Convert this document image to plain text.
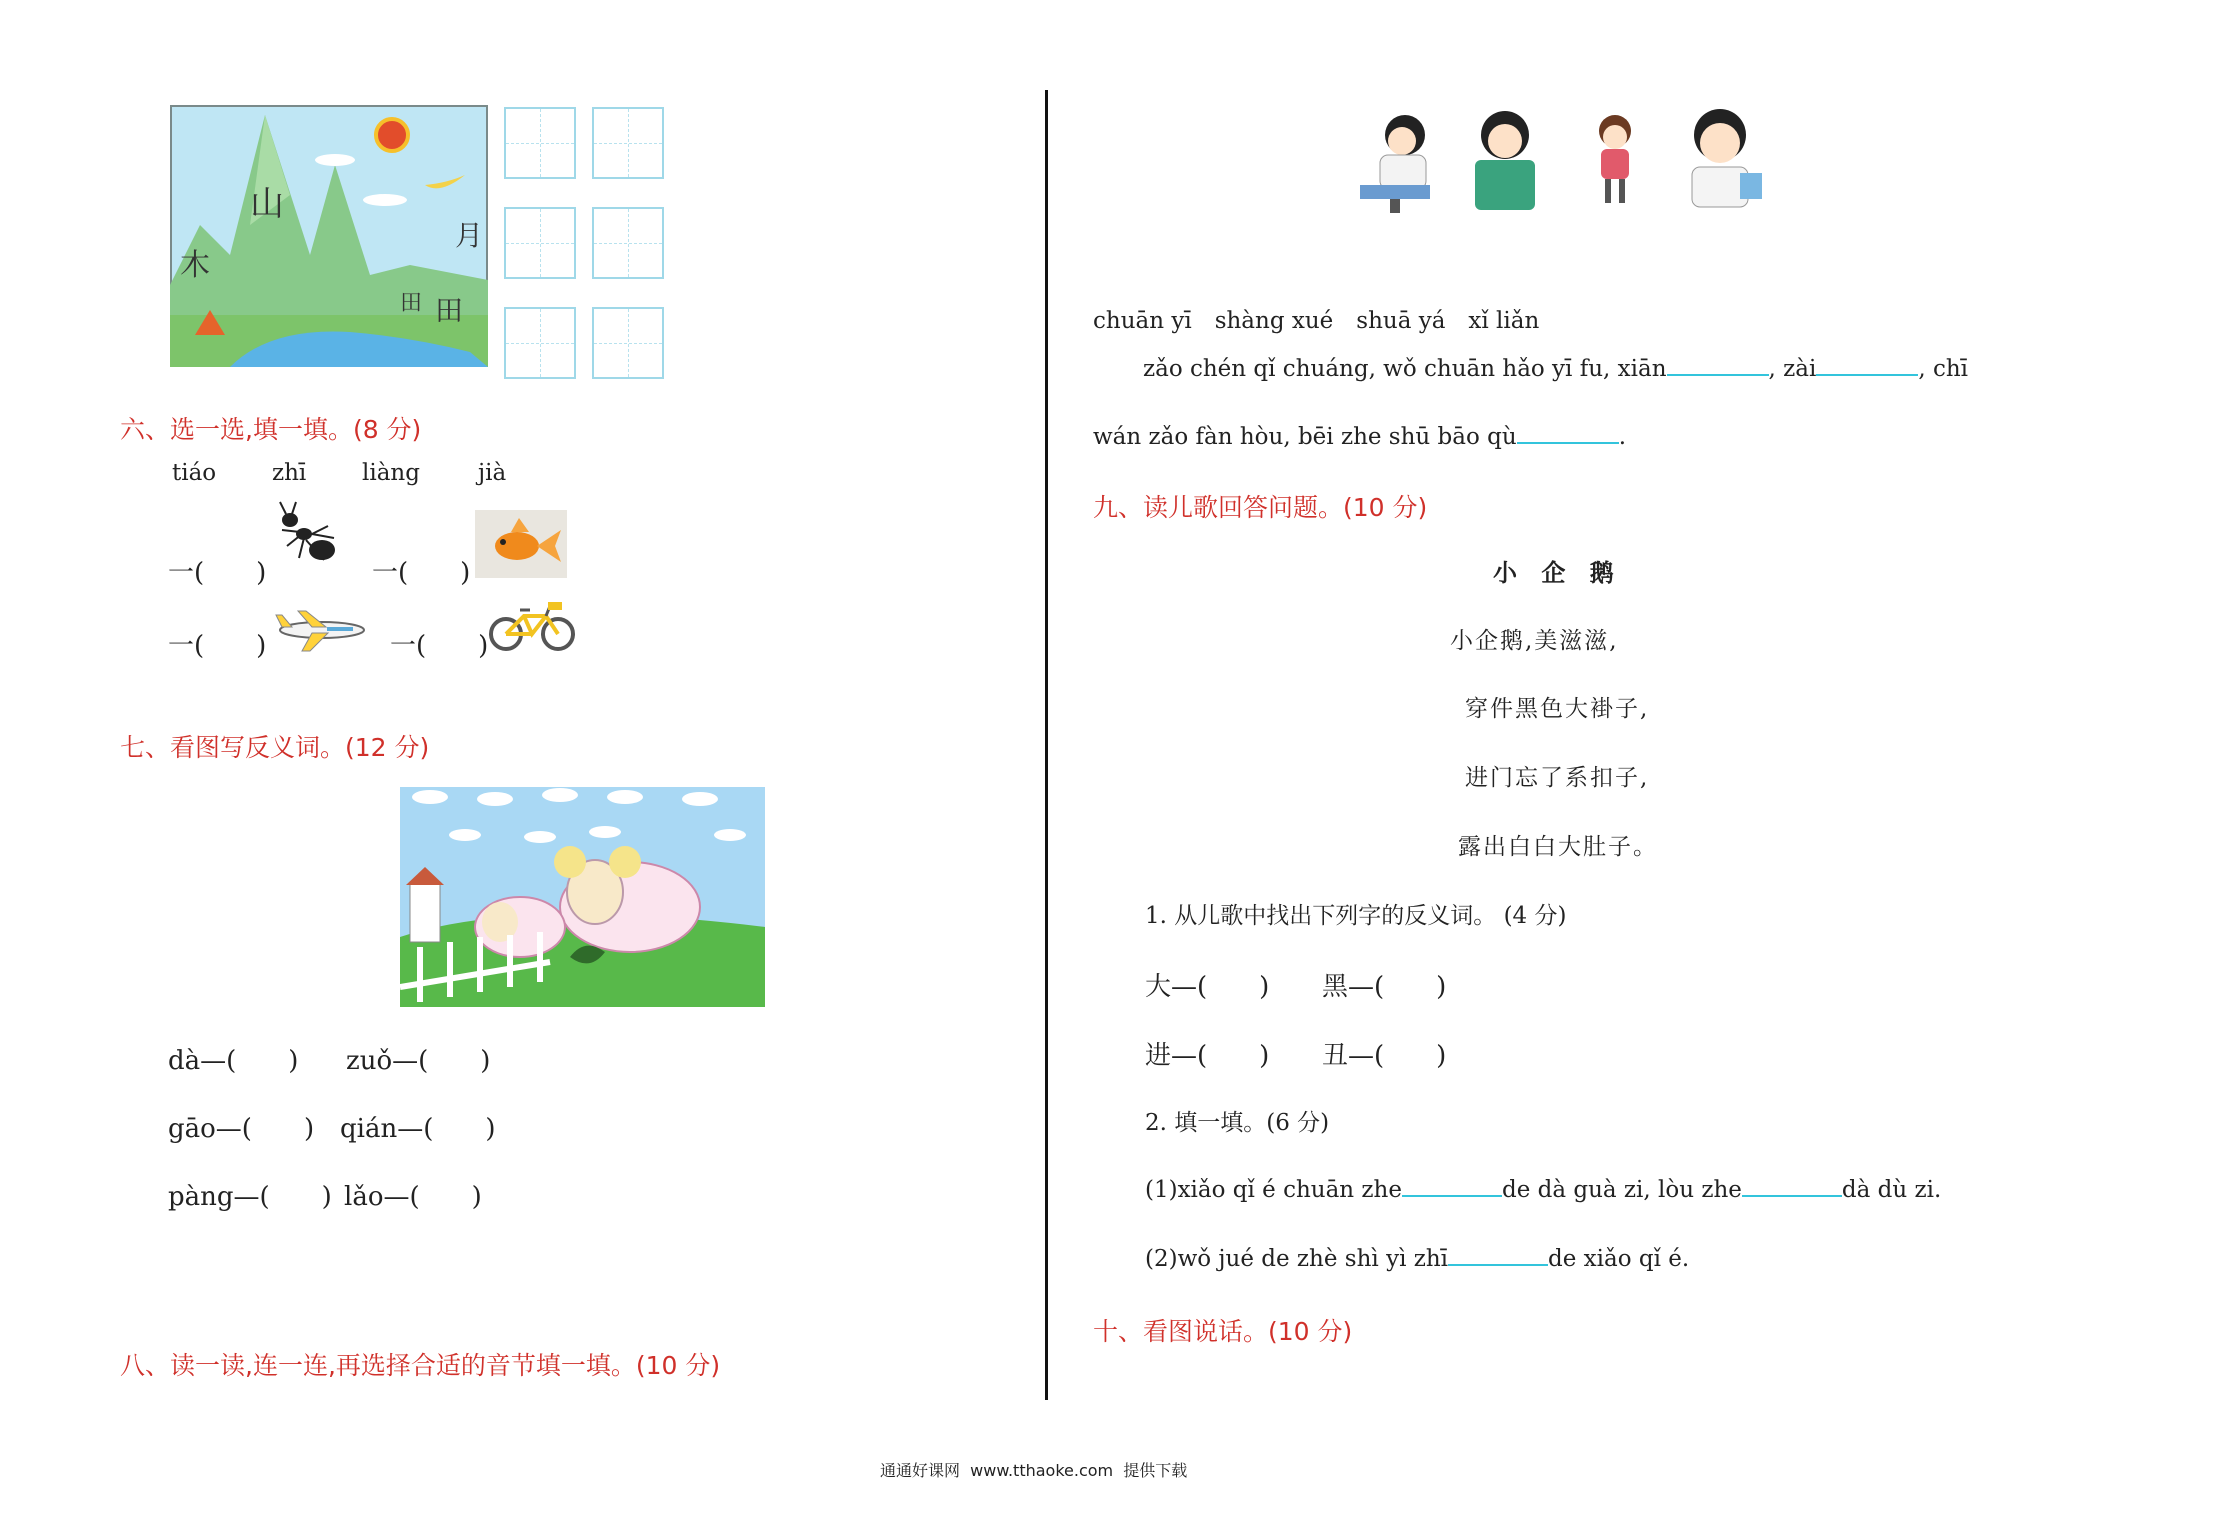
山
木
月
田
田
六、选一选,填一填。(8 分)
tiáo zhī liàng	jià
一(　　)	一(　　)
一(　　)	一(　　)
七、看图写反义词。(12 分)
dà—(　　) zuǒ—(　　)
gāo—(　　) qián—(　　)
pàng—(　　) lǎo—(　　)
八、读一读,连一连,再选择合适的音节填一填。(10 分)
chuān yī　shàng xué　shuā yá　xǐ liǎn
zǎo chén qǐ chuáng, wǒ chuān hǎo yī fu, xiān	, zài	, chī
wán zǎo fàn hòu, bēi zhe shū bāo qù	.
九、读儿歌回答问题。(10 分)
小 企 鹅
小企鹅,美滋滋,
穿件黑色大褂子,
进门忘了系扣子,
露出白白大肚子。
1. 从儿歌中找出下列字的反义词。 (4 分)
大—(　　) 黑—(　　)
进—(　　) 丑—(　　)
2. 填一填。(6 分)
(1)xiǎo qǐ é chuān zhe	de dà guà zi, lòu zhe	dà dù zi.
(2)wǒ jué de zhè shì yì zhī	de xiǎo qǐ é.
十、看图说话。(10 分)
通通好课网  www.tthaoke.com  提供下载
